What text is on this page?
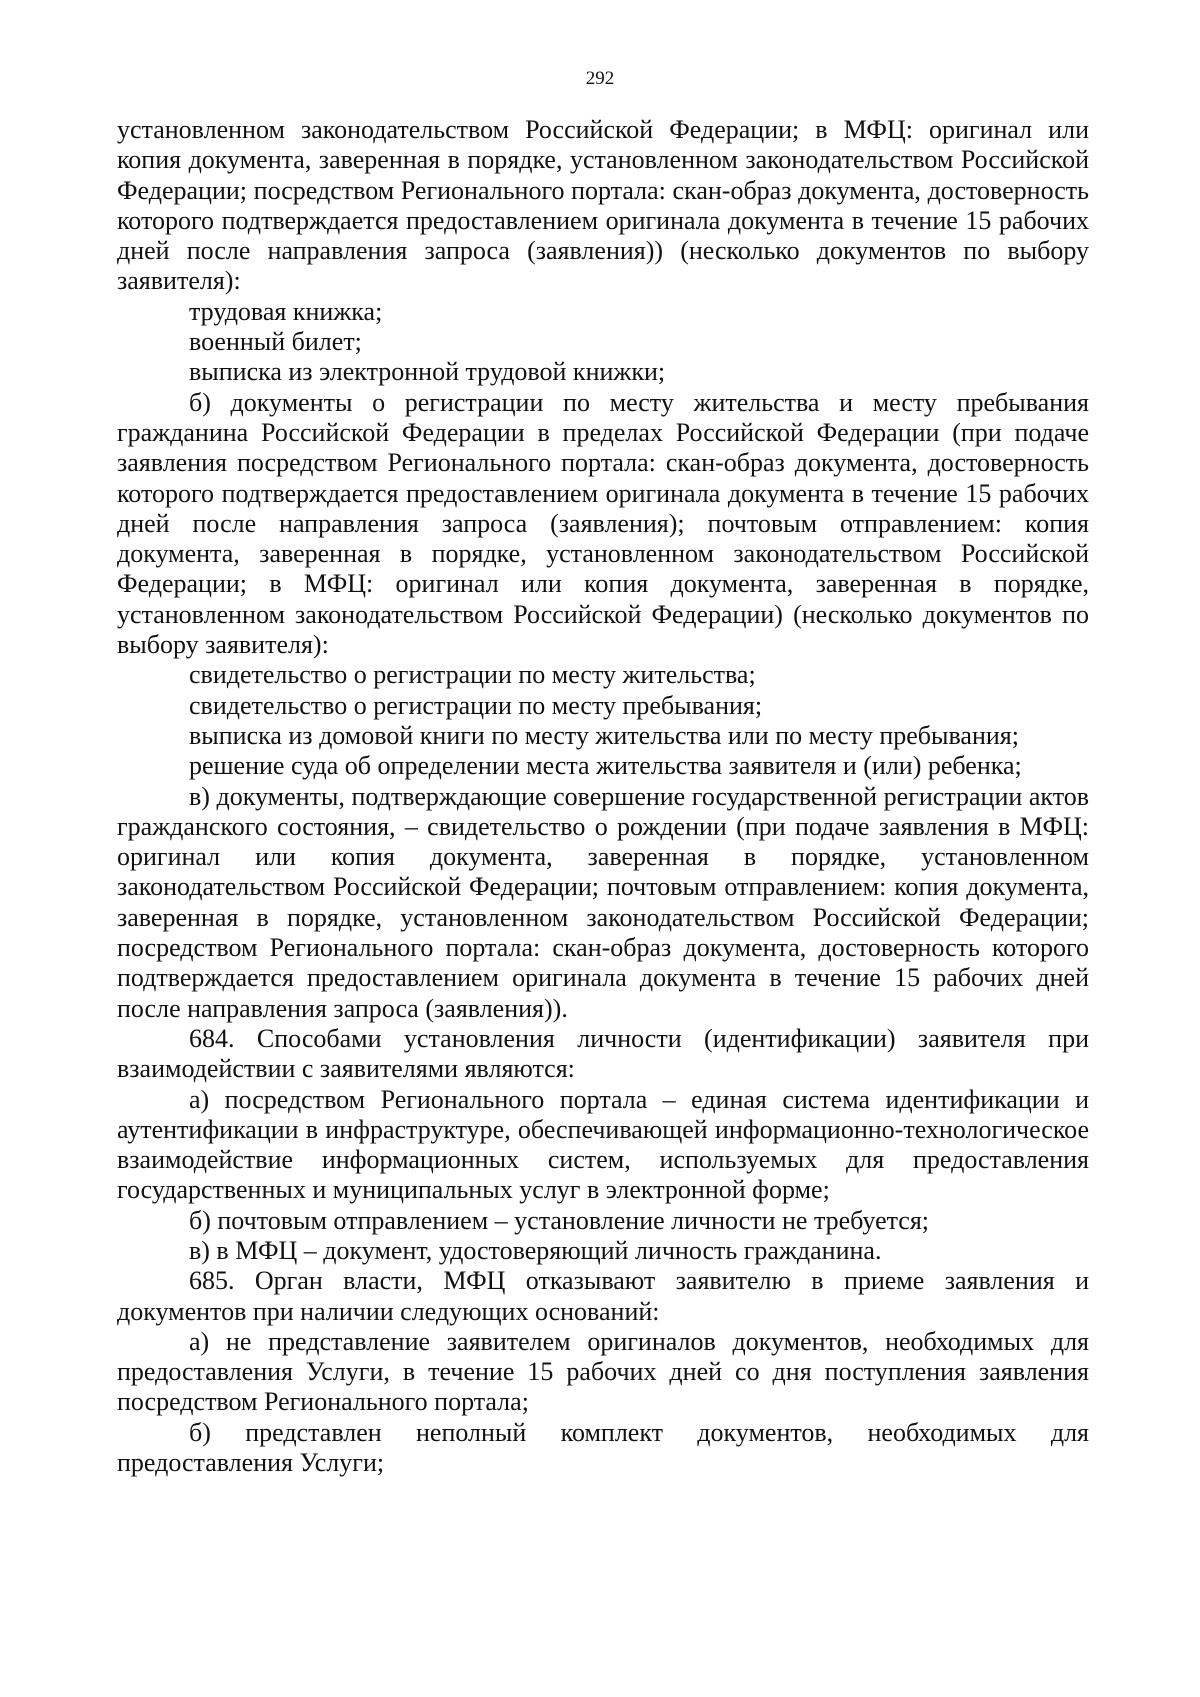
292

установленном законодательством Российской Федерации; в МФЦ: оригинал или копия документа, заверенная в порядке, установленном законодательством Российской Федерации; посредством Регионального портала: скан-образ документа, достоверность которого подтверждается предоставлением оригинала документа в течение 15 рабочих дней после направления запроса (заявления)) (несколько документов по выбору заявителя):

трудовая книжка;

военный билет;

выписка из электронной трудовой книжки;

б) документы о регистрации по месту жительства и месту пребывания гражданина Российской Федерации в пределах Российской Федерации (при подаче заявления посредством Регионального портала: скан-образ документа, достоверность которого подтверждается предоставлением оригинала документа в течение 15 рабочих дней после направления запроса (заявления); почтовым отправлением: копия документа, заверенная в порядке, установленном законодательством Российской Федерации; в МФЦ: оригинал или копия документа, заверенная в порядке, установленном законодательством Российской Федерации) (несколько документов по выбору заявителя):

свидетельство о регистрации по месту жительства;

свидетельство о регистрации по месту пребывания;

выписка из домовой книги по месту жительства или по месту пребывания;

решение суда об определении места жительства заявителя и (или) ребенка;

в) документы, подтверждающие совершение государственной регистрации актов гражданского состояния, – свидетельство о рождении (при подаче заявления в МФЦ: оригинал или копия документа, заверенная в порядке, установленном законодательством Российской Федерации; почтовым отправлением: копия документа, заверенная в порядке, установленном законодательством Российской Федерации; посредством Регионального портала: скан-образ документа, достоверность которого подтверждается предоставлением оригинала документа в течение 15 рабочих дней после направления запроса (заявления)).

684. Способами установления личности (идентификации) заявителя при взаимодействии с заявителями являются:

а) посредством Регионального портала – единая система идентификации и аутентификации в инфраструктуре, обеспечивающей информационно-технологическое взаимодействие информационных систем, используемых для предоставления государственных и муниципальных услуг в электронной форме;

б) почтовым отправлением – установление личности не требуется;

в) в МФЦ – документ, удостоверяющий личность гражданина.

685. Орган власти, МФЦ отказывают заявителю в приеме заявления и документов при наличии следующих оснований:

а) не представление заявителем оригиналов документов, необходимых для предоставления Услуги, в течение 15 рабочих дней со дня поступления заявления посредством Регионального портала;

б) представлен неполный комплект документов, необходимых для предоставления Услуги;
